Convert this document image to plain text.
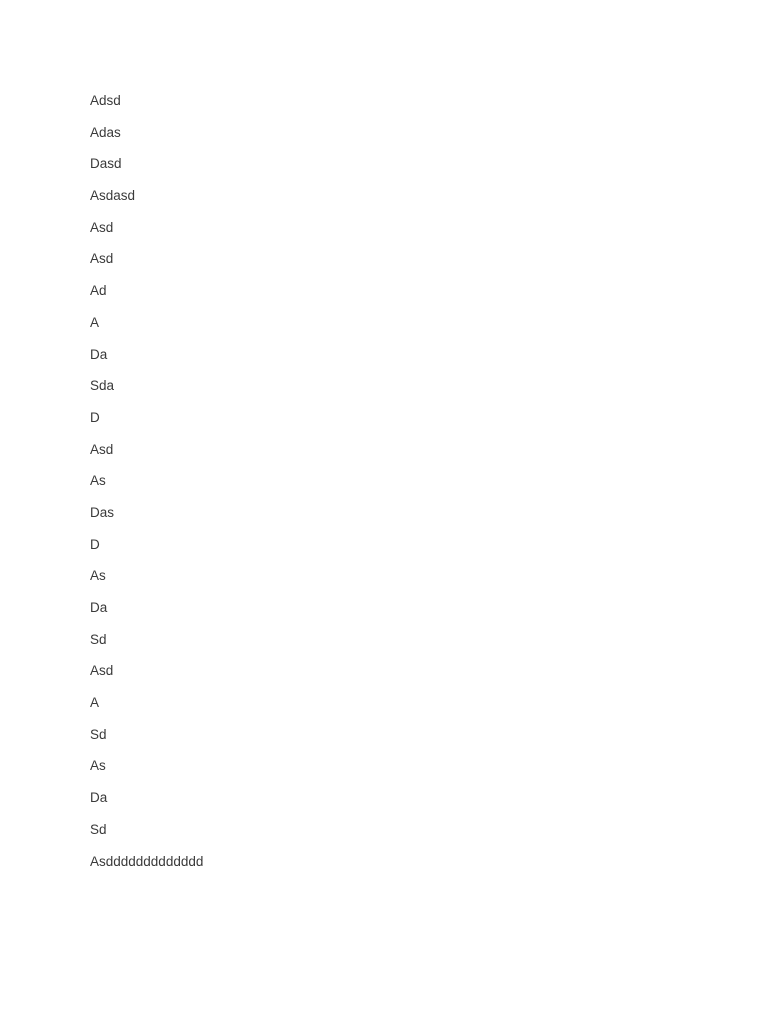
Adsd
Adas
Dasd
Asdasd
Asd
Asd
Ad
A
Da
Sda
D
Asd
As
Das
D
As
Da
Sd
Asd
A
Sd
As
Da
Sd
Asddddddddddddd
